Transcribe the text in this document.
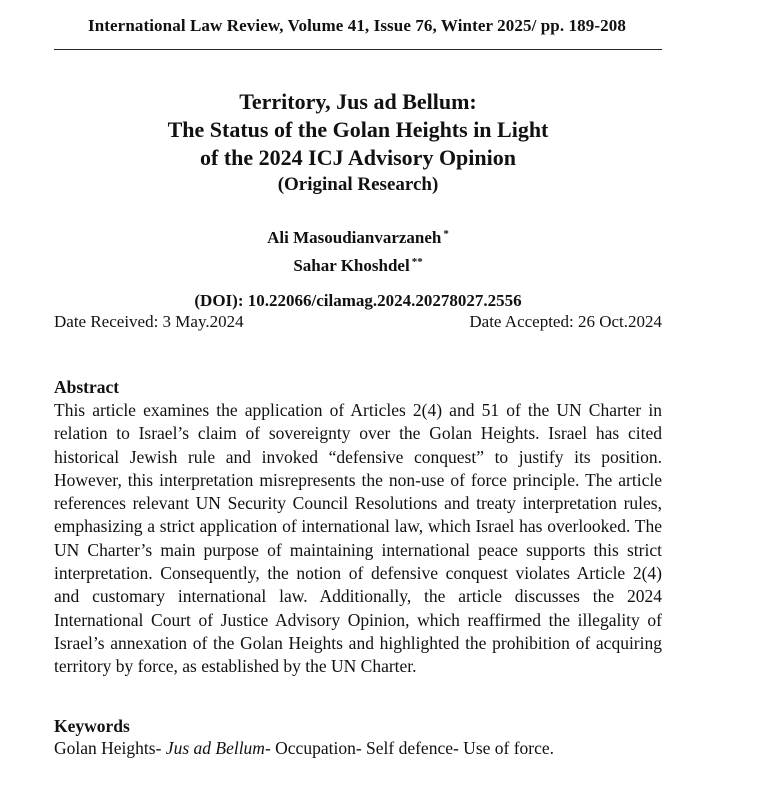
International Law Review, Volume 41, Issue 76, Winter 2025/ pp. 189-208
Territory, Jus ad Bellum:
The Status of the Golan Heights in Light
of the 2024 ICJ Advisory Opinion
(Original Research)
Ali Masoudianvarzaneh *
Sahar Khoshdel **
(DOI): 10.22066/cilamag.2024.20278027.2556
Date Received: 3 May.2024	Date Accepted: 26 Oct.2024
Abstract
This article examines the application of Articles 2(4) and 51 of the UN Charter in relation to Israel’s claim of sovereignty over the Golan Heights. Israel has cited historical Jewish rule and invoked “defensive conquest” to justify its position. However, this interpretation misrepresents the non-use of force principle. The article references relevant UN Security Council Resolutions and treaty interpretation rules, emphasizing a strict application of international law, which Israel has overlooked. The UN Charter’s main purpose of maintaining international peace supports this strict interpretation. Consequently, the notion of defensive conquest violates Article 2(4) and customary international law. Additionally, the article discusses the 2024 International Court of Justice Advisory Opinion, which reaffirmed the illegality of Israel’s annexation of the Golan Heights and highlighted the prohibition of acquiring territory by force, as established by the UN Charter.
Keywords
Golan Heights- Jus ad Bellum- Occupation- Self defence- Use of force.
